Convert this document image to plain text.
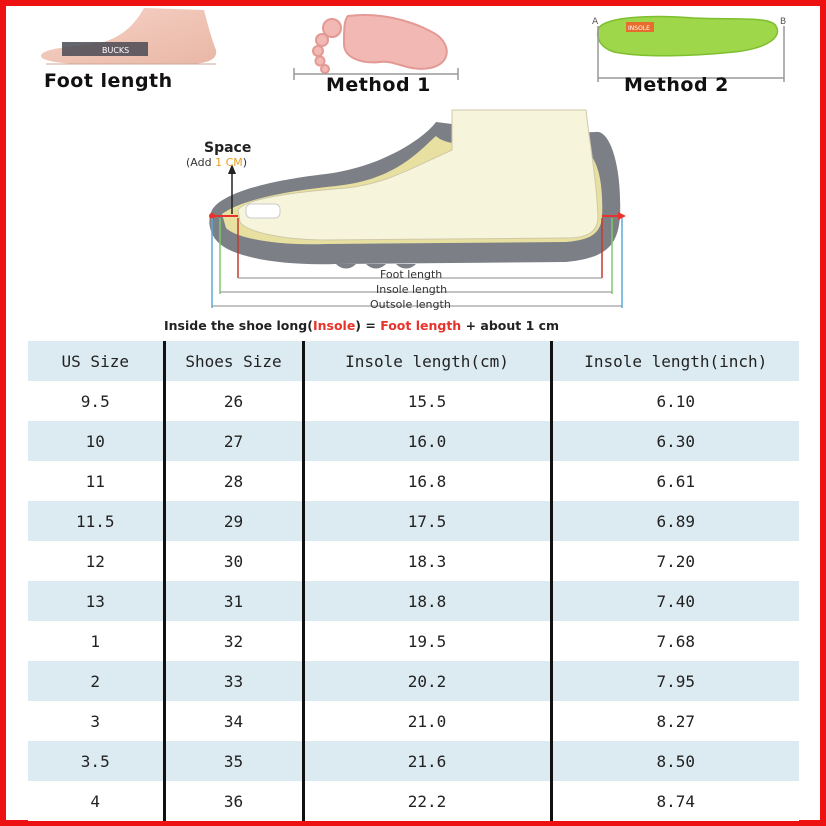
BUCKS
Foot length	Method 1
INSOLE
A	B
Method 2
Space
(Add 1 CM)
Foot length
Insole length
Outsole length
Inside the shoe long(Insole) = Foot length + about 1 cm
US Size	Shoes Size	Insole length(cm)	Insole length(inch)
9.5	26	15.5	6.10
10	27	16.0	6.30
11	28	16.8	6.61
11.5	29	17.5	6.89
12	30	18.3	7.20
13	31	18.8	7.40
1	32	19.5	7.68
2	33	20.2	7.95
3	34	21.0	8.27
3.5	35	21.6	8.50
4	36	22.2	8.74
